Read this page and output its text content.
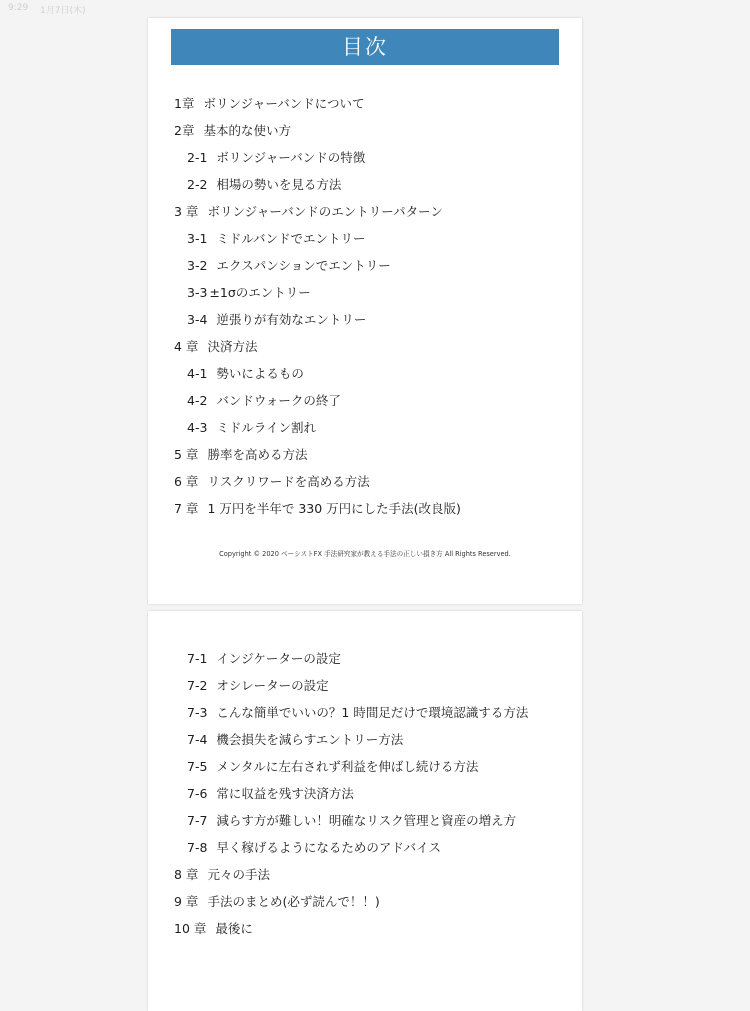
9:29 1月7日(木)
目次
1章 ボリンジャーバンドについて
2章 基本的な使い方
2-1 ボリンジャーバンドの特徴
2-2 相場の勢いを見る方法
3 章 ボリンジャーバンドのエントリーパターン
3-1 ミドルバンドでエントリー
3-2 エクスパンションでエントリー
3-3 ±1σのエントリー
3-4 逆張りが有効なエントリー
4 章 決済方法
4-1 勢いによるもの
4-2 バンドウォークの終了
4-3 ミドルライン割れ
5 章 勝率を高める方法
6 章 リスクリワードを高める方法
7 章 1 万円を半年で 330 万円にした手法(改良版)
Copyright © 2020 ベーシストFX 手法研究家が教える手法の正しい損き方 All Rights Reserved.
7-1 インジケーターの設定
7-2 オシレーターの設定
7-3 こんな簡単でいいの？1 時間足だけで環境認識する方法
7-4 機会損失を減らすエントリー方法
7-5 メンタルに左右されず利益を伸ばし続ける方法
7-6 常に収益を残す決済方法
7-7 減らす方が難しい！明確なリスク管理と資産の増え方
7-8 早く稼げるようになるためのアドバイス
8 章 元々の手法
9 章 手法のまとめ(必ず読んで！！)
10 章 最後に
